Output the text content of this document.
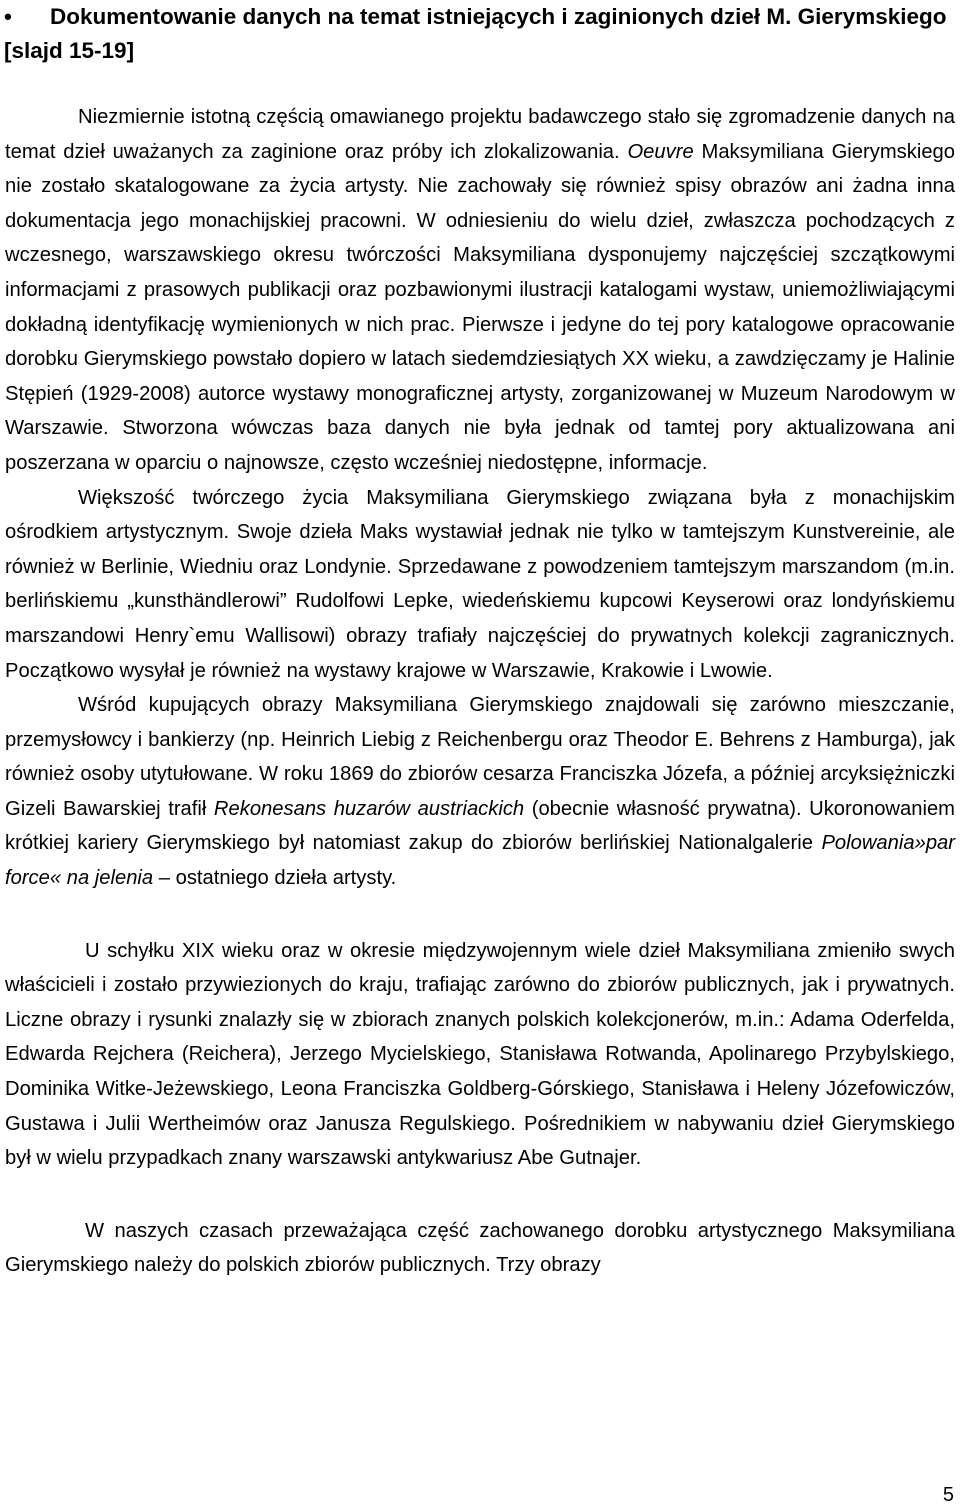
• Dokumentowanie danych na temat istniejących i zaginionych dzieł M. Gierymskiego
[slajd 15-19]

Niezmiernie istotną częścią omawianego projektu badawczego stało się zgromadzenie danych na temat dzieł uważanych za zaginione oraz próby ich zlokalizowania. Oeuvre Maksymiliana Gierymskiego nie zostało skatalogowane za życia artysty. Nie zachowały się również spisy obrazów ani żadna inna dokumentacja jego monachijskiej pracowni. W odniesieniu do wielu dzieł, zwłaszcza pochodzących z wczesnego, warszawskiego okresu twórczości Maksymiliana dysponujemy najczęściej szczątkowymi informacjami z prasowych publikacji oraz pozbawionymi ilustracji katalogami wystaw, uniemożliwiającymi dokładną identyfikację wymienionych w nich prac. Pierwsze i jedyne do tej pory katalogowe opracowanie dorobku Gierymskiego powstało dopiero w latach siedemdziesiątych XX wieku, a zawdzięczamy je Halinie Stępień (1929-2008) autorce wystawy monograficznej artysty, zorganizowanej w Muzeum Narodowym w Warszawie. Stworzona wówczas baza danych nie była jednak od tamtej pory aktualizowana ani poszerzana w oparciu o najnowsze, często wcześniej niedostępne, informacje.

Większość twórczego życia Maksymiliana Gierymskiego związana była z monachijskim ośrodkiem artystycznym. Swoje dzieła Maks wystawiał jednak nie tylko w tamtejszym Kunstvereinie, ale również w Berlinie, Wiedniu oraz Londynie. Sprzedawane z powodzeniem tamtejszym marszandom (m.in. berlińskiemu „kunsthändlerowi” Rudolfowi Lepke, wiedeńskiemu kupcowi Keyserowi oraz londyńskiemu marszandowi Henry`emu Wallisowi) obrazy trafiały najczęściej do prywatnych kolekcji zagranicznych. Początkowo wysyłał je również na wystawy krajowe w Warszawie, Krakowie i Lwowie.

Wśród kupujących obrazy Maksymiliana Gierymskiego znajdowali się zarówno mieszczanie, przemysłowcy i bankierzy (np. Heinrich Liebig z Reichenbergu oraz Theodor E. Behrens z Hamburga), jak również osoby utytułowane. W roku 1869 do zbiorów cesarza Franciszka Józefa, a później arcyksiężniczki Gizeli Bawarskiej trafił Rekonesans huzarów austriackich (obecnie własność prywatna). Ukoronowaniem krótkiej kariery Gierymskiego był natomiast zakup do zbiorów berlińskiej Nationalgalerie Polowania»par force« na jelenia – ostatniego dzieła artysty.

U schyłku XIX wieku oraz w okresie międzywojennym wiele dzieł Maksymiliana zmieniło swych właścicieli i zostało przywiezionych do kraju, trafiając zarówno do zbiorów publicznych, jak i prywatnych. Liczne obrazy i rysunki znalazły się w zbiorach znanych polskich kolekcjonerów, m.in.: Adama Oderfelda, Edwarda Rejchera (Reichera), Jerzego Mycielskiego, Stanisława Rotwanda, Apolinarego Przybylskiego, Dominika Witke-Jeżewskiego, Leona Franciszka Goldberg-Górskiego, Stanisława i Heleny Józefowiczów, Gustawa i Julii Wertheimów oraz Janusza Regulskiego. Pośrednikiem w nabywaniu dzieł Gierymskiego był w wielu przypadkach znany warszawski antykwariusz Abe Gutnajer.

W naszych czasach przeważająca część zachowanego dorobku artystycznego Maksymiliana Gierymskiego należy do polskich zbiorów publicznych. Trzy obrazy

5
